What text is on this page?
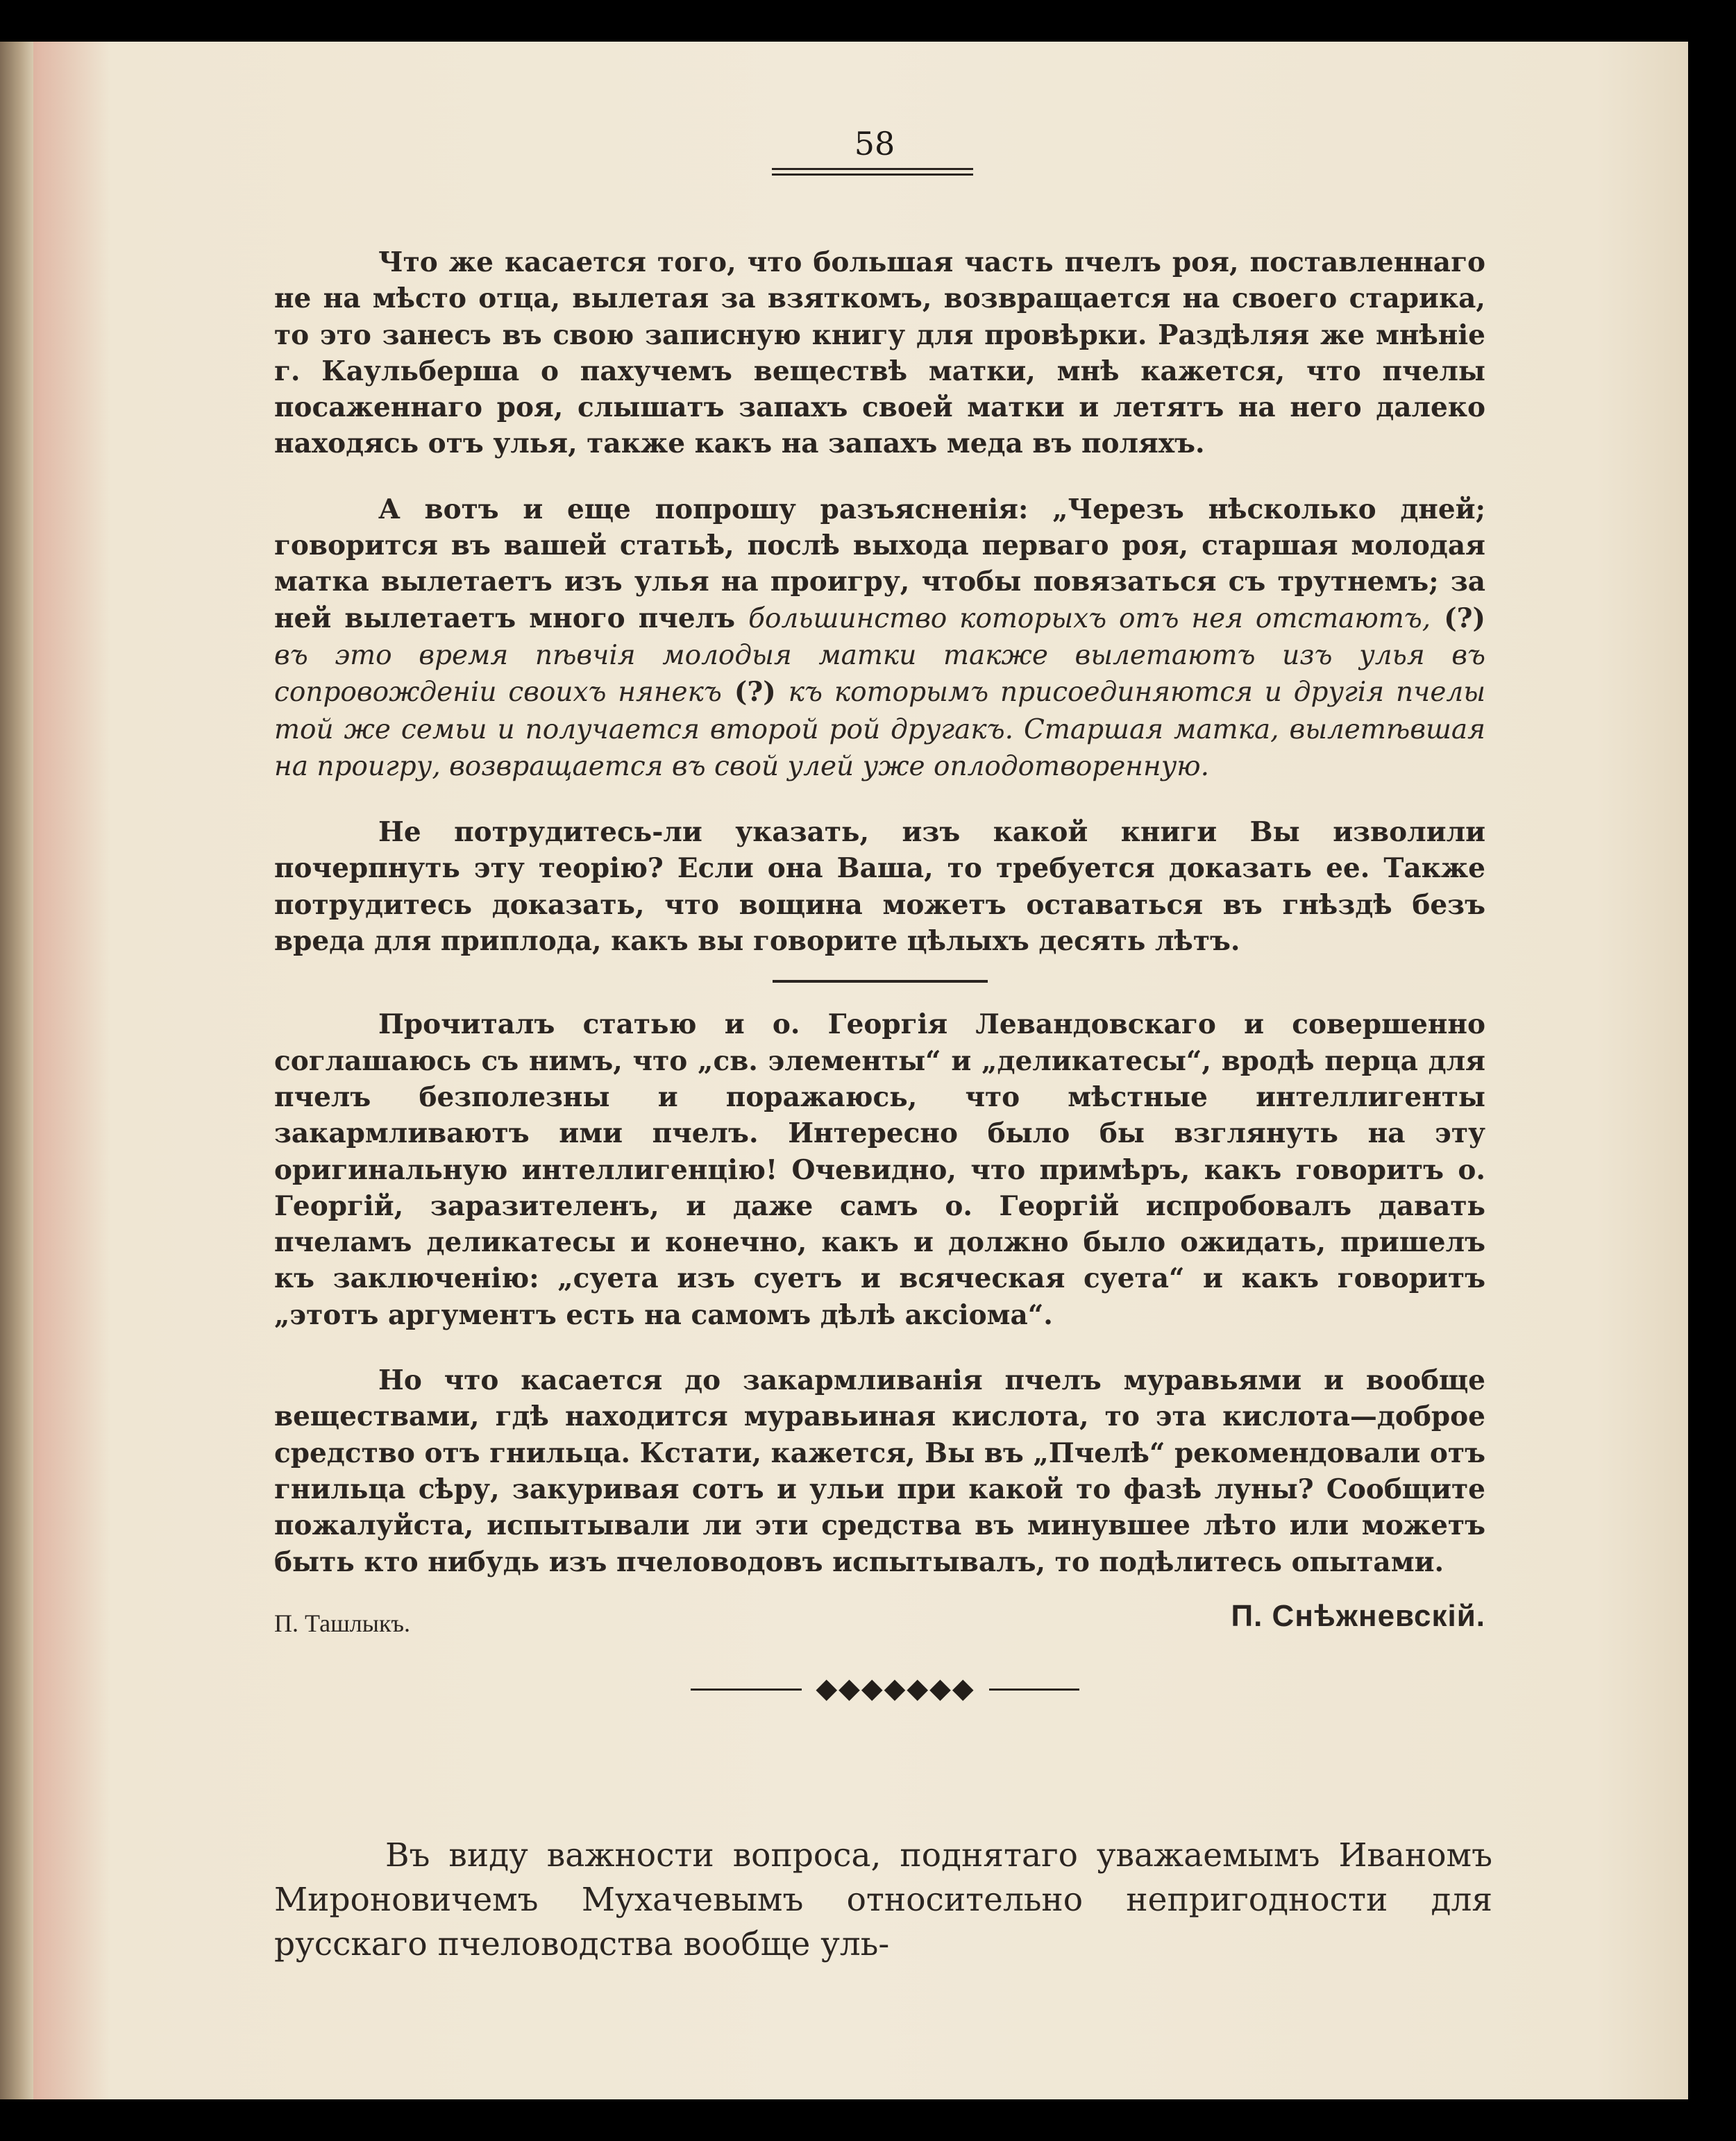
58

Что же касается того, что большая часть пчелъ роя, поставленнаго не на мѣсто отца, вылетая за взяткомъ, возвращается на своего старика, то это занесъ въ свою записную книгу для провѣрки. Раздѣляя же мнѣніе г. Каульберша о пахучемъ веществѣ матки, мнѣ кажется, что пчелы посаженнаго роя, слышатъ запахъ своей матки и летятъ на него далеко находясь отъ улья, также какъ на запахъ меда въ поляхъ.

А вотъ и еще попрошу разъясненія: „Черезъ нѣсколько дней; говорится въ вашей статьѣ, послѣ выхода перваго роя, старшая молодая матка вылетаетъ изъ улья на проигру, чтобы повязаться съ трутнемъ; за ней вылетаетъ много пчелъ большинство которыхъ отъ нея отстаютъ, (?) въ это время пѣвчія молодыя матки также вылетаютъ изъ улья въ сопровожденіи своихъ нянекъ (?) къ которымъ присоединяются и другія пчелы той же семьи и получается второй рой другакъ. Старшая матка, вылетѣвшая на проигру, возвращается въ свой улей уже оплодотворенную.

Не потрудитесь-ли указать, изъ какой книги Вы изволили почерпнуть эту теорію? Если она Ваша, то требуется доказать ее. Также потрудитесь доказать, что вощина можетъ оставаться въ гнѣздѣ безъ вреда для приплода, какъ вы говорите цѣлыхъ десять лѣтъ.

Прочиталъ статью и о. Георгія Левандовскаго и совершенно соглашаюсь съ нимъ, что „св. элементы“ и „деликатесы“, вродѣ перца для пчелъ безполезны и поражаюсь, что мѣстные интеллигенты закармливаютъ ими пчелъ. Интересно было бы взглянуть на эту оригинальную интеллигенцію! Очевидно, что примѣръ, какъ говоритъ о. Георгій, заразителенъ, и даже самъ о. Георгій испробовалъ давать пчеламъ деликатесы и конечно, какъ и должно было ожидать, пришелъ къ заключенію: „суета изъ суетъ и всяческая суета“ и какъ говоритъ „этотъ аргументъ есть на самомъ дѣлѣ аксіома“.

Но что касается до закармливанія пчелъ муравьями и вообще веществами, гдѣ находится муравьиная кислота, то эта кислота—доброе средство отъ гнильца. Кстати, кажется, Вы въ „Пчелѣ“ рекомендовали отъ гнильца сѣру, закуривая сотъ и ульи при какой то фазѣ луны? Сообщите пожалуйста, испытывали ли эти средства въ минувшее лѣто или можетъ быть кто нибудь изъ пчеловодовъ испытывалъ, то подѣлитесь опытами.

П. Ташлыкъ.	П. Снѣжневскій.
◆◆◆◆◆◆◆

Въ виду важности вопроса, поднятаго уважаемымъ Иваномъ Мироновичемъ Мухачевымъ относительно непригодности для русскаго пчеловодства вообще уль-
